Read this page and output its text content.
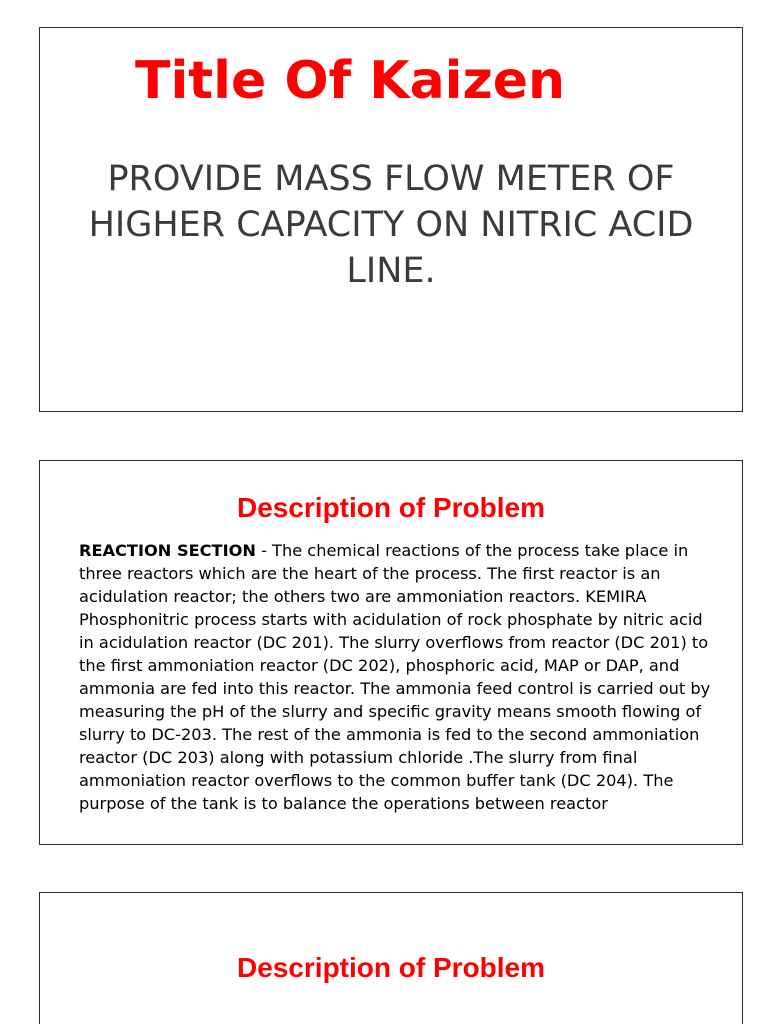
Title Of Kaizen

PROVIDE MASS FLOW METER OF HIGHER CAPACITY ON NITRIC ACID LINE.

Description of Problem

REACTION SECTION - The chemical reactions of the process take place in three reactors which are the heart of the process. The first reactor is an acidulation reactor; the others two are ammoniation reactors. KEMIRA Phosphonitric process starts with acidulation of rock phosphate by nitric acid in acidulation reactor (DC 201). The slurry overflows from reactor (DC 201) to the first ammoniation reactor (DC 202), phosphoric acid, MAP or DAP, and ammonia are fed into this reactor. The ammonia feed control is carried out by measuring the pH of the slurry and specific gravity means smooth flowing of slurry to DC-203. The rest of the ammonia is fed to the second ammoniation reactor (DC 203) along with potassium chloride .The slurry from final ammoniation reactor overflows to the common buffer tank (DC 204). The purpose of the tank is to balance the operations between reactor

Description of Problem
